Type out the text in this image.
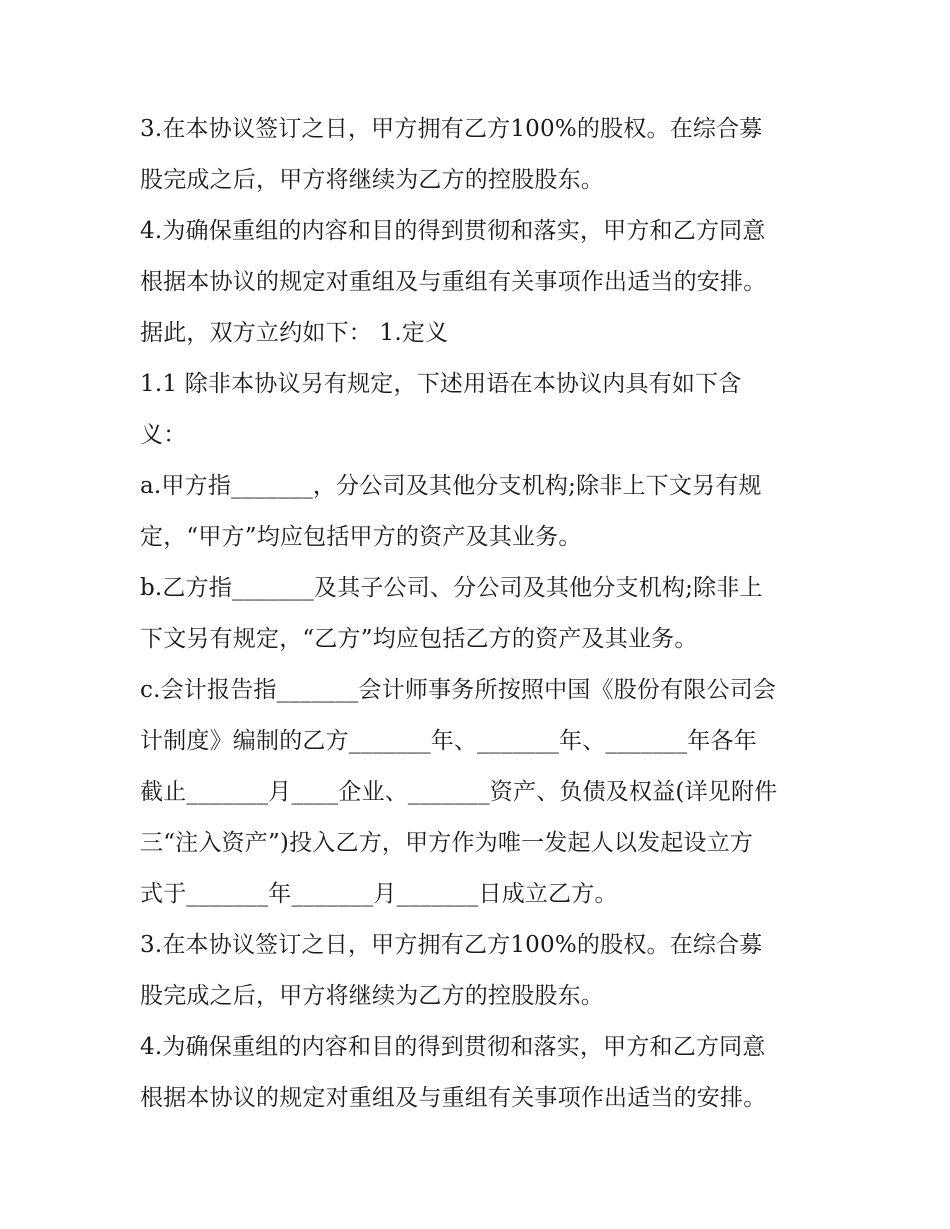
3.在本协议签订之日，甲方拥有乙方100%的股权。在综合募
股完成之后，甲方将继续为乙方的控股股东。
4.为确保重组的内容和目的得到贯彻和落实，甲方和乙方同意
根据本协议的规定对重组及与重组有关事项作出适当的安排。
据此，双方立约如下： 1.定义
1.1 除非本协议另有规定，下述用语在本协议内具有如下含
义：
a.甲方指_______，分公司及其他分支机构;除非上下文另有规
定，“甲方”均应包括甲方的资产及其业务。
b.乙方指_______及其子公司、分公司及其他分支机构;除非上
下文另有规定，“乙方”均应包括乙方的资产及其业务。
c.会计报告指_______会计师事务所按照中国《股份有限公司会
计制度》编制的乙方_______年、_______年、_______年各年
截止_______月____企业、_______资产、负债及权益(详见附件
三“注入资产”)投入乙方，甲方作为唯一发起人以发起设立方
式于_______年_______月_______日成立乙方。
3.在本协议签订之日，甲方拥有乙方100%的股权。在综合募
股完成之后，甲方将继续为乙方的控股股东。
4.为确保重组的内容和目的得到贯彻和落实，甲方和乙方同意
根据本协议的规定对重组及与重组有关事项作出适当的安排。
